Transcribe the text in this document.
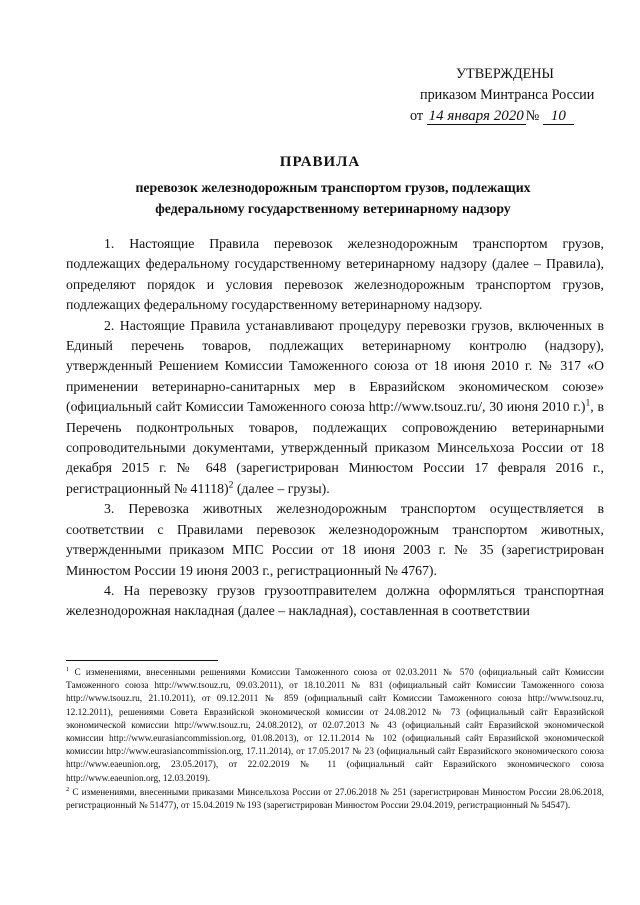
УТВЕРЖДЕНЫ
приказом Минтранса России
от 14 января 2020 № 10
ПРАВИЛА
перевозок железнодорожным транспортом грузов, подлежащих федеральному государственному ветеринарному надзору

1. Настоящие Правила перевозок железнодорожным транспортом грузов, подлежащих федеральному государственному ветеринарному надзору (далее – Правила), определяют порядок и условия перевозок железнодорожным транспортом грузов, подлежащих федеральному государственному ветеринарному надзору.

2. Настоящие Правила устанавливают процедуру перевозки грузов, включенных в Единый перечень товаров, подлежащих ветеринарному контролю (надзору), утвержденный Решением Комиссии Таможенного союза от 18 июня 2010 г. № 317 «О применении ветеринарно-санитарных мер в Евразийском экономическом союзе» (официальный сайт Комиссии Таможенного союза http://www.tsouz.ru/, 30 июня 2010 г.)$^1$, в Перечень подконтрольных товаров, подлежащих сопровождению ветеринарными сопроводительными документами, утвержденный приказом Минсельхоза России от 18 декабря 2015 г. № 648 (зарегистрирован Минюстом России 17 февраля 2016 г., регистрационный № 41118)$^2$ (далее – грузы).

3. Перевозка животных железнодорожным транспортом осуществляется в соответствии с Правилами перевозок железнодорожным транспортом животных, утвержденными приказом МПС России от 18 июня 2003 г. № 35 (зарегистрирован Минюстом России 19 июня 2003 г., регистрационный № 4767).

4. На перевозку грузов грузоотправителем должна оформляться транспортная железнодорожная накладная (далее – накладная), составленная в соответствии

$^1$ С изменениями, внесенными решениями Комиссии Таможенного союза от 02.03.2011 № 570 (официальный сайт Комиссии Таможенного союза http://www.tsouz.ru, 09.03.2011), от 18.10.2011 № 831 (официальный сайт Комиссии Таможенного союза http://www.tsouz.ru, 21.10.2011), от 09.12.2011 № 859 (официальный сайт Комиссии Таможенного союза http://www.tsouz.ru, 12.12.2011), решениями Совета Евразийской экономической комиссии от 24.08.2012 № 73 (официальный сайт Евразийской экономической комиссии http://www.tsouz.ru, 24.08.2012), от 02.07.2013 № 43 (официальный сайт Евразийской экономической комиссии http://www.eurasiancommission.org, 01.08.2013), от 12.11.2014 № 102 (официальный сайт Евразийской экономической комиссии http://www.eurasiancommission.org, 17.11.2014), от 17.05.2017 № 23 (официальный сайт Евразийского экономического союза http://www.eaeunion.org, 23.05.2017), от 22.02.2019 № 11 (официальный сайт Евразийского экономического союза http://www.eaeunion.org, 12.03.2019).

$^2$ С изменениями, внесенными приказами Минсельхоза России от 27.06.2018 № 251 (зарегистрирован Минюстом России 28.06.2018, регистрационный № 51477), от 15.04.2019 № 193 (зарегистрирован Минюстом России 29.04.2019, регистрационный № 54547).
